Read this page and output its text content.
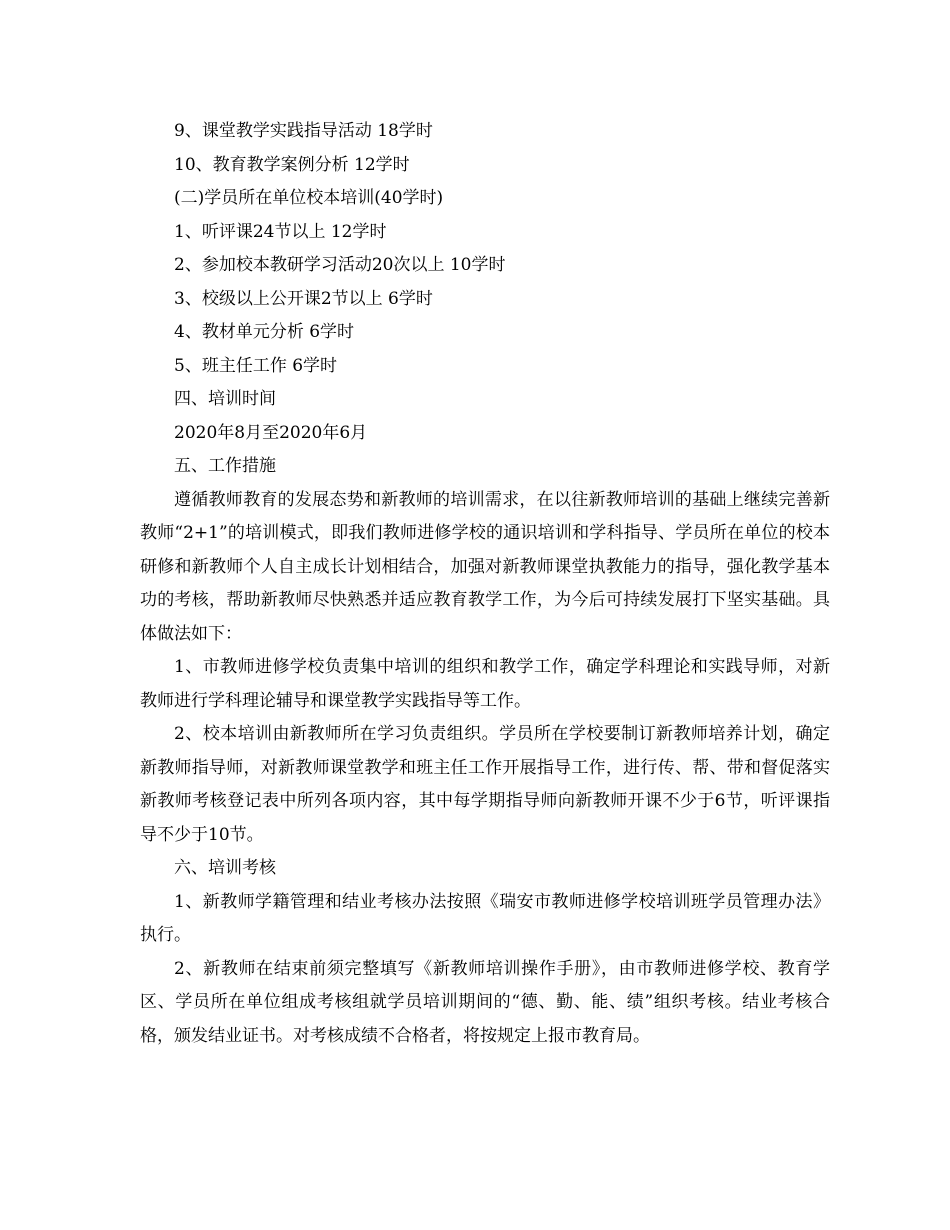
9、课堂教学实践指导活动 18学时

10、教育教学案例分析 12学时

(二)学员所在单位校本培训(40学时)

1、听评课24节以上 12学时

2、参加校本教研学习活动20次以上 10学时

3、校级以上公开课2节以上 6学时

4、教材单元分析 6学时

5、班主任工作 6学时

四、培训时间

2020年8月至2020年6月

五、工作措施

遵循教师教育的发展态势和新教师的培训需求，在以往新教师培训的基础上继续完善新教师“2+1”的培训模式，即我们教师进修学校的通识培训和学科指导、学员所在单位的校本研修和新教师个人自主成长计划相结合，加强对新教师课堂执教能力的指导，强化教学基本功的考核，帮助新教师尽快熟悉并适应教育教学工作，为今后可持续发展打下坚实基础。具体做法如下：

1、市教师进修学校负责集中培训的组织和教学工作，确定学科理论和实践导师，对新教师进行学科理论辅导和课堂教学实践指导等工作。

2、校本培训由新教师所在学习负责组织。学员所在学校要制订新教师培养计划，确定新教师指导师，对新教师课堂教学和班主任工作开展指导工作，进行传、帮、带和督促落实新教师考核登记表中所列各项内容，其中每学期指导师向新教师开课不少于6节，听评课指导不少于10节。

六、培训考核

1、新教师学籍管理和结业考核办法按照《瑞安市教师进修学校培训班学员管理办法》执行。

2、新教师在结束前须完整填写《新教师培训操作手册》，由市教师进修学校、教育学区、学员所在单位组成考核组就学员培训期间的“德、勤、能、绩”组织考核。结业考核合格，颁发结业证书。对考核成绩不合格者，将按规定上报市教育局。
